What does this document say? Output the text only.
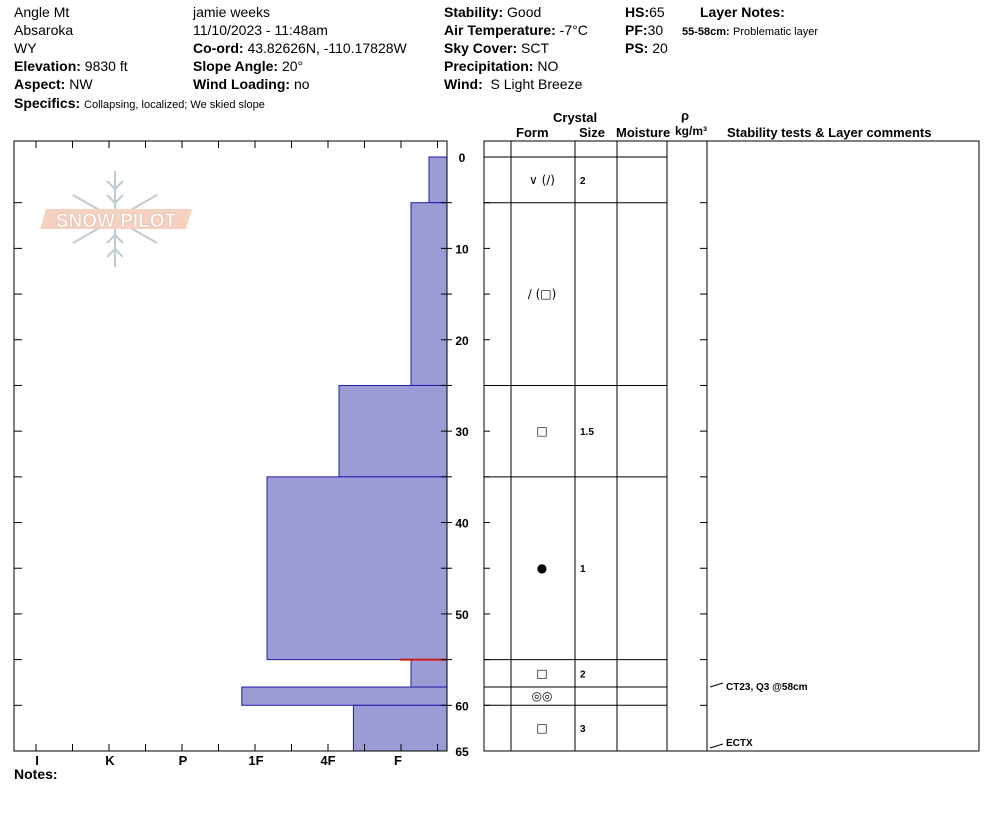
Angle Mt
Absaroka
WY
Elevation: 9830 ft
Aspect: NW
Specifics: Collapsing, localized; We skied slope
jamie weeks
11/10/2023 - 11:48am
Co-ord: 43.82626N, -110.17828W
Slope Angle: 20°
Wind Loading: no
Stability: Good
Air Temperature: -7°C
Sky Cover: SCT
Precipitation: NO
Wind: S Light Breeze
HS:65
PF:30
PS: 20
Layer Notes:
55-58cm: Problematic layer
Crystal
Form Size Moisture
ρ
kg/m³ Stability tests & Layer comments
Notes:
I	K	P	1F	4F	F
0
10
20
30
40
50
60
65
∨ (∕) 2
∕ (□)
□	1.5
●	1
□	2
◎◎
□	3
CT23, Q3 @58cm
ECTX
SNOW PILOT
